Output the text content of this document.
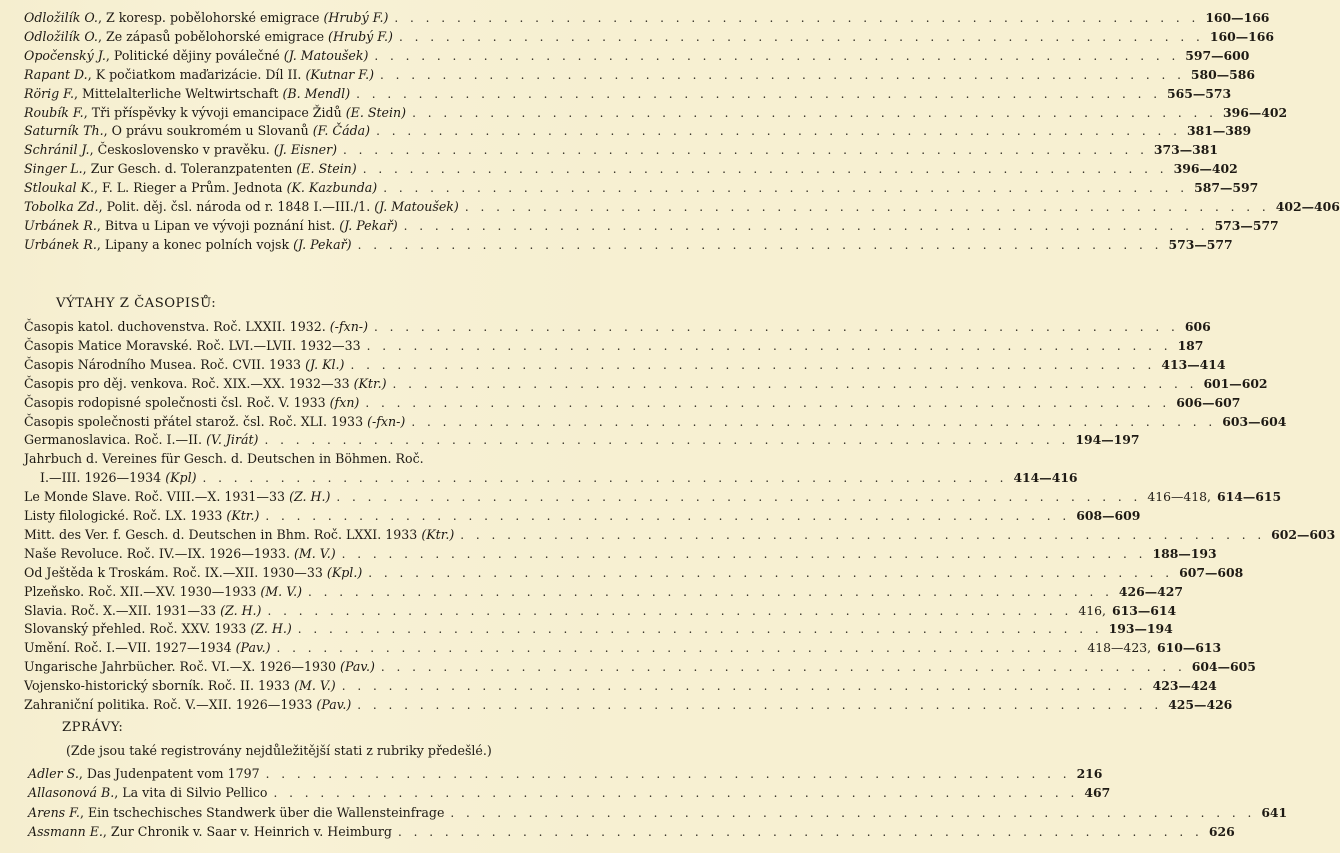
Odložilík O., Z koresp. pobělohorské emigrace (Hrubý F.) . . . . . . . . . . . . . . . . . . . . . . . . . . . . . . . . . . . . . . . . . . . . . . . . . . . . 160—166
Odložilík O., Ze zápasů pobělohorské emigrace (Hrubý F.) . . . . . . . . . . . . . . . . . . . . . . . . . . . . . . . . . . . . . . . . . . . . . . . . . . . . 160—166
Opočenský J., Politické dějiny poválečné (J. Matoušek) . . . . . . . . . . . . . . . . . . . . . . . . . . . . . . . . . . . . . . . . . . . . . . . . . . . . 597—600
Rapant D., K počiatkom maďarizácie. Díl II. (Kutnar F.) . . . . . . . . . . . . . . . . . . . . . . . . . . . . . . . . . . . . . . . . . . . . . . . . . . . . 580—586
Rörig F., Mittelalterliche Weltwirtschaft (B. Mendl) . . . . . . . . . . . . . . . . . . . . . . . . . . . . . . . . . . . . . . . . . . . . . . . . . . . . 565—573
Roubík F., Tři příspěvky k vývoji emancipace Židů (E. Stein) . . . . . . . . . . . . . . . . . . . . . . . . . . . . . . . . . . . . . . . . . . . . . . . . . . . . 396—402
Saturník Th., O právu soukromém u Slovanů (F. Čáda) . . . . . . . . . . . . . . . . . . . . . . . . . . . . . . . . . . . . . . . . . . . . . . . . . . . . 381—389
Schránil J., Československo v pravěku. (J. Eisner) . . . . . . . . . . . . . . . . . . . . . . . . . . . . . . . . . . . . . . . . . . . . . . . . . . . . 373—381
Singer L., Zur Gesch. d. Toleranzpatenten (E. Stein) . . . . . . . . . . . . . . . . . . . . . . . . . . . . . . . . . . . . . . . . . . . . . . . . . . . . 396—402
Stloukal K., F. L. Rieger a Prům. Jednota (K. Kazbunda) . . . . . . . . . . . . . . . . . . . . . . . . . . . . . . . . . . . . . . . . . . . . . . . . . . . . 587—597
Tobolka Zd., Polit. děj. čsl. národa od r. 1848 I.—III./1. (J. Matoušek) . . . . . . . . . . . . . . . . . . . . . . . . . . . . . . . . . . . . . . . . . . . . . . . . . . . . 402—406
Urbánek R., Bitva u Lipan ve vývoji poznání hist. (J. Pekař) . . . . . . . . . . . . . . . . . . . . . . . . . . . . . . . . . . . . . . . . . . . . . . . . . . . . 573—577
Urbánek R., Lipany a konec polních vojsk (J. Pekař) . . . . . . . . . . . . . . . . . . . . . . . . . . . . . . . . . . . . . . . . . . . . . . . . . . . . 573—577
VÝTAHY Z ČASOPISŮ:
Časopis katol. duchovenstva. Roč. LXXII. 1932. (-fxn-) . . . . . . . . . . . . . . . . . . . . . . . . . . . . . . . . . . . . . . . . . . . . . . . . . . . . 606
Časopis Matice Moravské. Roč. LVI.—LVII. 1932—33 . . . . . . . . . . . . . . . . . . . . . . . . . . . . . . . . . . . . . . . . . . . . . . . . . . . . 187
Časopis Národního Musea. Roč. CVII. 1933 (J. Kl.) . . . . . . . . . . . . . . . . . . . . . . . . . . . . . . . . . . . . . . . . . . . . . . . . . . . . 413—414
Časopis pro děj. venkova. Roč. XIX.—XX. 1932—33 (Ktr.) . . . . . . . . . . . . . . . . . . . . . . . . . . . . . . . . . . . . . . . . . . . . . . . . . . . . 601—602
Časopis rodopisné společnosti čsl. Roč. V. 1933 (fxn) . . . . . . . . . . . . . . . . . . . . . . . . . . . . . . . . . . . . . . . . . . . . . . . . . . . . 606—607
Časopis společnosti přátel starož. čsl. Roč. XLI. 1933 (-fxn-) . . . . . . . . . . . . . . . . . . . . . . . . . . . . . . . . . . . . . . . . . . . . . . . . . . . . 603—604
Germanoslavica. Roč. I.—II. (V. Jirát) . . . . . . . . . . . . . . . . . . . . . . . . . . . . . . . . . . . . . . . . . . . . . . . . . . . . 194—197
Jahrbuch d. Vereines für Gesch. d. Deutschen in Böhmen. Roč.
I.—III. 1926—1934 (Kpl) . . . . . . . . . . . . . . . . . . . . . . . . . . . . . . . . . . . . . . . . . . . . . . . . . . . . 414—416
Le Monde Slave. Roč. VIII.—X. 1931—33 (Z. H.) . . . . . . . . . . . . . . . . . . . . . . . . . . . . . . . . . . . . . . . . . . . . . . . . . . . . 416—418, 614—615
Listy filologické. Roč. LX. 1933 (Ktr.) . . . . . . . . . . . . . . . . . . . . . . . . . . . . . . . . . . . . . . . . . . . . . . . . . . . . 608—609
Mitt. des Ver. f. Gesch. d. Deutschen in Bhm. Roč. LXXI. 1933 (Ktr.) . . . . . . . . . . . . . . . . . . . . . . . . . . . . . . . . . . . . . . . . . . . . . . . . . . . . 602—603
Naše Revoluce. Roč. IV.—IX. 1926—1933. (M. V.) . . . . . . . . . . . . . . . . . . . . . . . . . . . . . . . . . . . . . . . . . . . . . . . . . . . . 188—193
Od Ještěda k Troskám. Roč. IX.—XII. 1930—33 (Kpl.) . . . . . . . . . . . . . . . . . . . . . . . . . . . . . . . . . . . . . . . . . . . . . . . . . . . . 607—608
Plzeňsko. Roč. XII.—XV. 1930—1933 (M. V.) . . . . . . . . . . . . . . . . . . . . . . . . . . . . . . . . . . . . . . . . . . . . . . . . . . . . 426—427
Slavia. Roč. X.—XII. 1931—33 (Z. H.) . . . . . . . . . . . . . . . . . . . . . . . . . . . . . . . . . . . . . . . . . . . . . . . . . . . . 416, 613—614
Slovanský přehled. Roč. XXV. 1933 (Z. H.) . . . . . . . . . . . . . . . . . . . . . . . . . . . . . . . . . . . . . . . . . . . . . . . . . . . . 193—194
Umění. Roč. I.—VII. 1927—1934 (Pav.) . . . . . . . . . . . . . . . . . . . . . . . . . . . . . . . . . . . . . . . . . . . . . . . . . . . . 418—423, 610—613
Ungarische Jahrbücher. Roč. VI.—X. 1926—1930 (Pav.) . . . . . . . . . . . . . . . . . . . . . . . . . . . . . . . . . . . . . . . . . . . . . . . . . . . . 604—605
Vojensko-historický sborník. Roč. II. 1933 (M. V.) . . . . . . . . . . . . . . . . . . . . . . . . . . . . . . . . . . . . . . . . . . . . . . . . . . . . 423—424
Zahraniční politika. Roč. V.—XII. 1926—1933 (Pav.) . . . . . . . . . . . . . . . . . . . . . . . . . . . . . . . . . . . . . . . . . . . . . . . . . . . . 425—426
ZPRÁVY:
(Zde jsou také registrovány nejdůležitější stati z rubriky předešlé.)
Adler S., Das Judenpatent vom 1797 . . . . . . . . . . . . . . . . . . . . . . . . . . . . . . . . . . . . . . . . . . . . . . . . . . . . 216
Allasonová B., La vita di Silvio Pellico . . . . . . . . . . . . . . . . . . . . . . . . . . . . . . . . . . . . . . . . . . . . . . . . . . . . 467
Arens F., Ein tschechisches Standwerk über die Wallensteinfrage . . . . . . . . . . . . . . . . . . . . . . . . . . . . . . . . . . . . . . . . . . . . . . . . . . . . 641
Assmann E., Zur Chronik v. Saar v. Heinrich v. Heimburg . . . . . . . . . . . . . . . . . . . . . . . . . . . . . . . . . . . . . . . . . . . . . . . . . . . . 626
